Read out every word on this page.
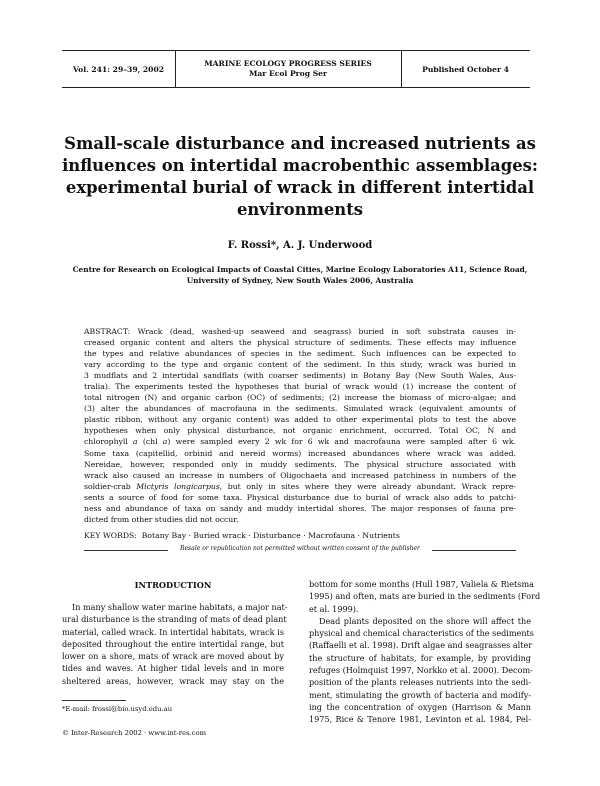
Vol. 241: 29–39, 2002
MARINE ECOLOGY PROGRESS SERIES
Mar Ecol Prog Ser	Published October 4
Small-scale disturbance and increased nutrients as
influences on intertidal macrobenthic assemblages:
experimental burial of wrack in different intertidal
environments
F. Rossi*, A. J. Underwood
Centre for Research on Ecological Impacts of Coastal Cities, Marine Ecology Laboratories A11, Science Road,
University of Sydney, New South Wales 2006, Australia
ABSTRACT: Wrack (dead, washed-up seaweed and seagrass) buried in soft substrata causes in-
creased organic content and alters the physical structure of sediments. These effects may influence
the types and relative abundances of species in the sediment. Such influences can be expected to
vary according to the type and organic content of the sediment. In this study, wrack was buried in
3 mudflats and 2 intertidal sandflats (with coarser sediments) in Botany Bay (New South Wales, Aus-
tralia). The experiments tested the hypotheses that burial of wrack would (1) increase the content of
total nitrogen (N) and organic carbon (OC) of sediments; (2) increase the biomass of micro-algae; and
(3) alter the abundances of macrofauna in the sediments. Simulated wrack (equivalent amounts of
plastic ribbon, without any organic content) was added to other experimental plots to test the above
hypotheses when only physical disturbance, not organic enrichment, occurred. Total OC, N and
chlorophyll a (chl a) were sampled every 2 wk for 6 wk and macrofauna were sampled after 6 wk.
Some taxa (capitellid, orbinid and nereid worms) increased abundances where wrack was added.
Nereidae, however, responded only in muddy sediments. The physical structure associated with
wrack also caused an increase in numbers of Oligochaeta and increased patchiness in numbers of the
soldier-crab Mictyris longicarpus, but only in sites where they were already abundant. Wrack repre-
sents a source of food for some taxa. Physical disturbance due to burial of wrack also adds to patchi-
ness and abundance of taxa on sandy and muddy intertidal shores. The major responses of fauna pre-
dicted from other studies did not occur.
KEY WORDS: Botany Bay · Buried wrack · Disturbance · Macrofauna · Nutrients
Resale or republication not permitted without written consent of the publisher
INTRODUCTION
In many shallow water marine habitats, a major nat-
ural disturbance is the stranding of mats of dead plant
material, called wrack. In intertidal habitats, wrack is
deposited throughout the entire intertidal range, but
lower on a shore, mats of wrack are moved about by
tides and waves. At higher tidal levels and in more
sheltered areas, however, wrack may stay on the
bottom for some months (Hull 1987, Valiela & Rietsma
1995) and often, mats are buried in the sediments (Ford
et al. 1999).
Dead plants deposited on the shore will affect the
physical and chemical characteristics of the sediments
(Raffaelli et al. 1998). Drift algae and seagrasses alter
the structure of habitats, for example, by providing
refuges (Holmquist 1997, Norkko et al. 2000). Decom-
position of the plants releases nutrients into the sedi-
ment, stimulating the growth of bacteria and modify-
ing the concentration of oxygen (Harrison & Mann
1975, Rice & Tenore 1981, Levinton et al. 1984, Pel-
*E-mail: frossi@bio.usyd.edu.au
© Inter-Research 2002 · www.int-res.com
